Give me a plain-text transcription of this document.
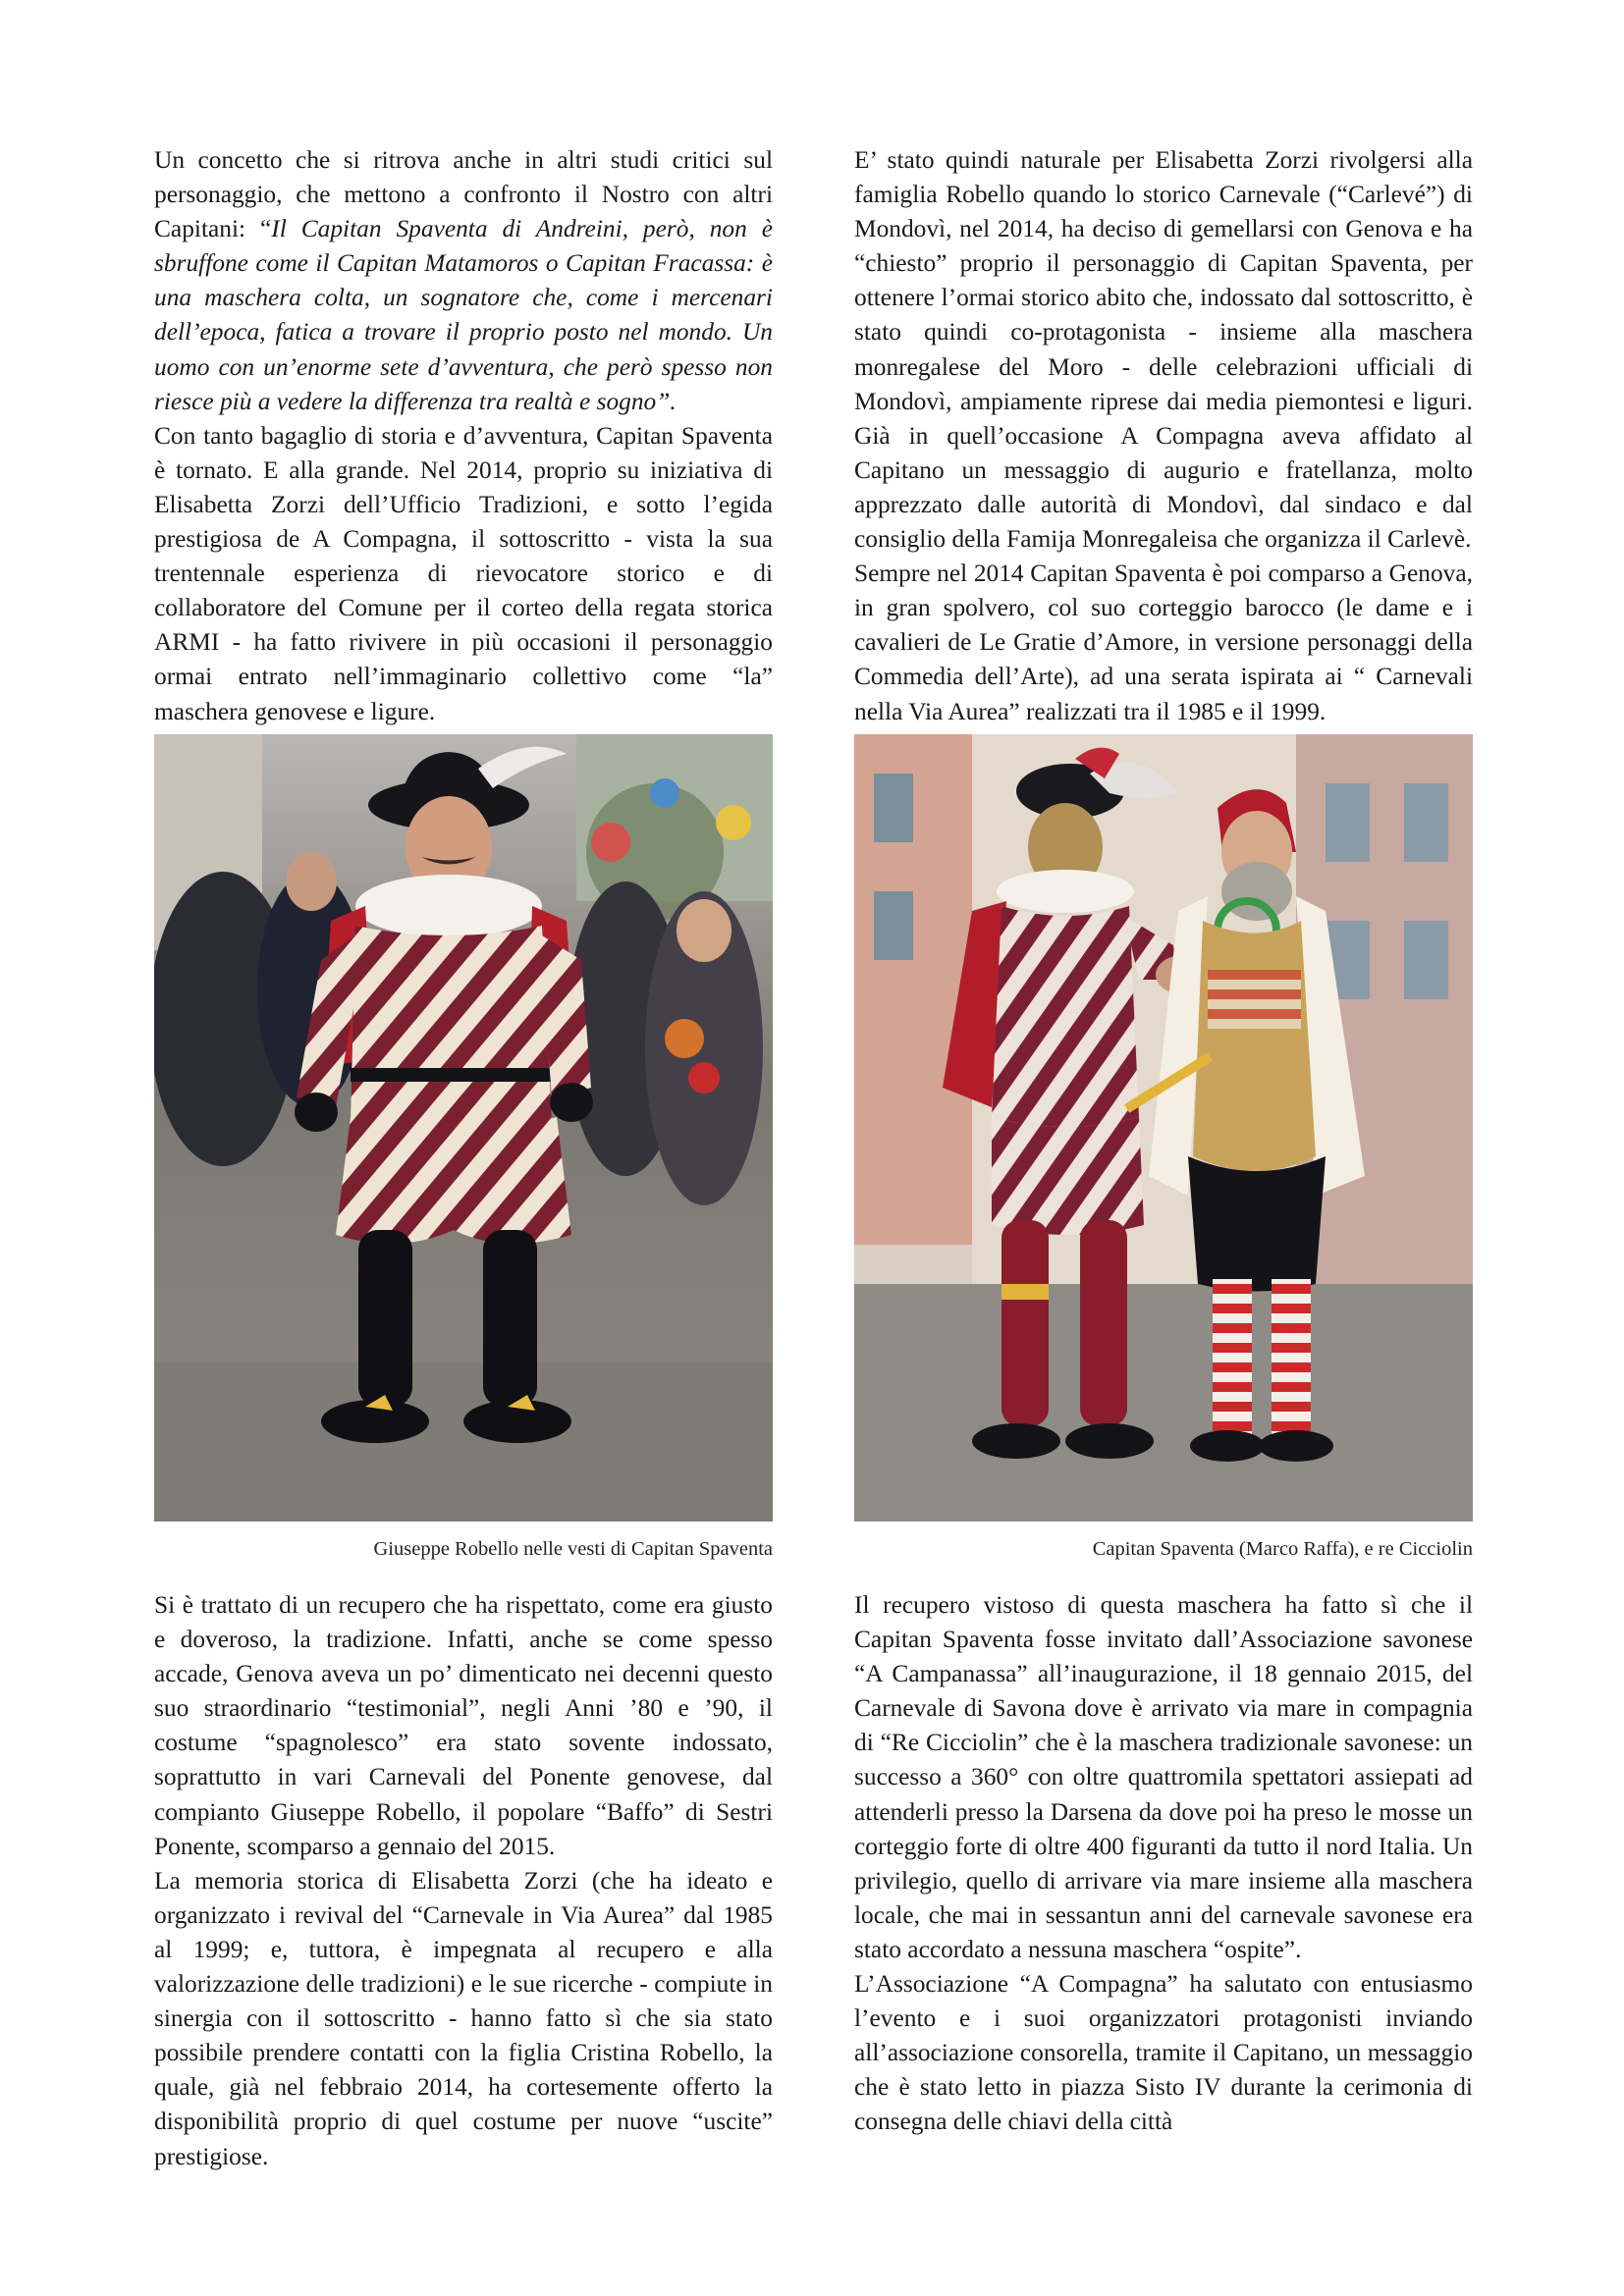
Un concetto che si ritrova anche in altri studi critici sul personaggio, che mettono a confronto il Nostro con altri Capitani: “Il Capitan Spaventa di Andreini, però, non è sbruffone come il Capitan Matamoros o Capitan Fracassa: è una maschera colta, un sognatore che, come i mercenari dell’epoca, fatica a trovare il proprio posto nel mondo. Un uomo con un’enorme sete d’avventura, che però spesso non riesce più a vedere la differenza tra realtà e sogno”.

Con tanto bagaglio di storia e d’avventura, Capitan Spaventa è tornato. E alla grande. Nel 2014, proprio su iniziativa di Elisabetta Zorzi dell’Ufficio Tradizioni, e sotto l’egida prestigiosa de A Compagna, il sottoscritto - vista la sua trentennale esperienza di rievocatore storico e di collaboratore del Comune per il corteo della regata storica ARMI - ha fatto rivivere in più occasioni il personaggio ormai entrato nell’immaginario collettivo come “la” maschera genovese e ligure.

E’ stato quindi naturale per Elisabetta Zorzi rivolgersi alla famiglia Robello quando lo storico Carnevale (“Carlevé”) di Mondovì, nel 2014, ha deciso di gemellarsi con Genova e ha “chiesto” proprio il personaggio di Capitan Spaventa, per ottenere l’ormai storico abito che, indossato dal sottoscritto, è stato quindi co-protagonista - insieme alla maschera monregalese del Moro - delle celebrazioni ufficiali di Mondovì, ampiamente riprese dai media piemontesi e liguri. Già in quell’occasione A Compagna aveva affidato al Capitano un messaggio di augurio e fratellanza, molto apprezzato dalle autorità di Mondovì, dal sindaco e dal consiglio della Famija Monregaleisa che organizza il Carlevè.

Sempre nel 2014 Capitan Spaventa è poi comparso a Genova, in gran spolvero, col suo corteggio barocco (le dame e i cavalieri de Le Gratie d’Amore, in versione personaggi della Commedia dell’Arte), ad una serata ispirata ai “ Carnevali nella Via Aurea” realizzati tra il 1985 e il 1999.

Giuseppe Robello nelle vesti di Capitan Spaventa	Capitan Spaventa (Marco Raffa), e re Cicciolin

Si è trattato di un recupero che ha rispettato, come era giusto e doveroso, la tradizione. Infatti, anche se come spesso accade, Genova aveva un po’ dimenticato nei decenni questo suo straordinario “testimonial”, negli Anni ’80 e ’90, il costume “spagnolesco” era stato sovente indossato, soprattutto in vari Carnevali del Ponente genovese, dal compianto Giuseppe Robello, il popolare “Baffo” di Sestri Ponente, scomparso a gennaio del 2015.

La memoria storica di Elisabetta Zorzi (che ha ideato e organizzato i revival del “Carnevale in Via Aurea” dal 1985 al 1999; e, tuttora, è impegnata al recupero e alla valorizzazione delle tradizioni) e le sue ricerche - compiute in sinergia con il sottoscritto - hanno fatto sì che sia stato possibile prendere contatti con la figlia Cristina Robello, la quale, già nel febbraio 2014, ha cortesemente offerto la disponibilità proprio di quel costume per nuove “uscite” prestigiose.

Il recupero vistoso di questa maschera ha fatto sì che il Capitan Spaventa fosse invitato dall’Associazione savonese “A Campanassa” all’inaugurazione, il 18 gennaio 2015, del Carnevale di Savona dove è arrivato via mare in compagnia di “Re Cicciolin” che è la maschera tradizionale savonese: un successo a 360° con oltre quattromila spettatori assiepati ad attenderli presso la Darsena da dove poi ha preso le mosse un corteggio forte di oltre 400 figuranti da tutto il nord Italia. Un privilegio, quello di arrivare via mare insieme alla maschera locale, che mai in sessantun anni del carnevale savonese era stato accordato a nessuna maschera “ospite”.

L’Associazione “A Compagna” ha salutato con entusiasmo l’evento e i suoi organizzatori protagonisti inviando all’associazione consorella, tramite il Capitano, un messaggio che è stato letto in piazza Sisto IV durante la cerimonia di consegna delle chiavi della città
